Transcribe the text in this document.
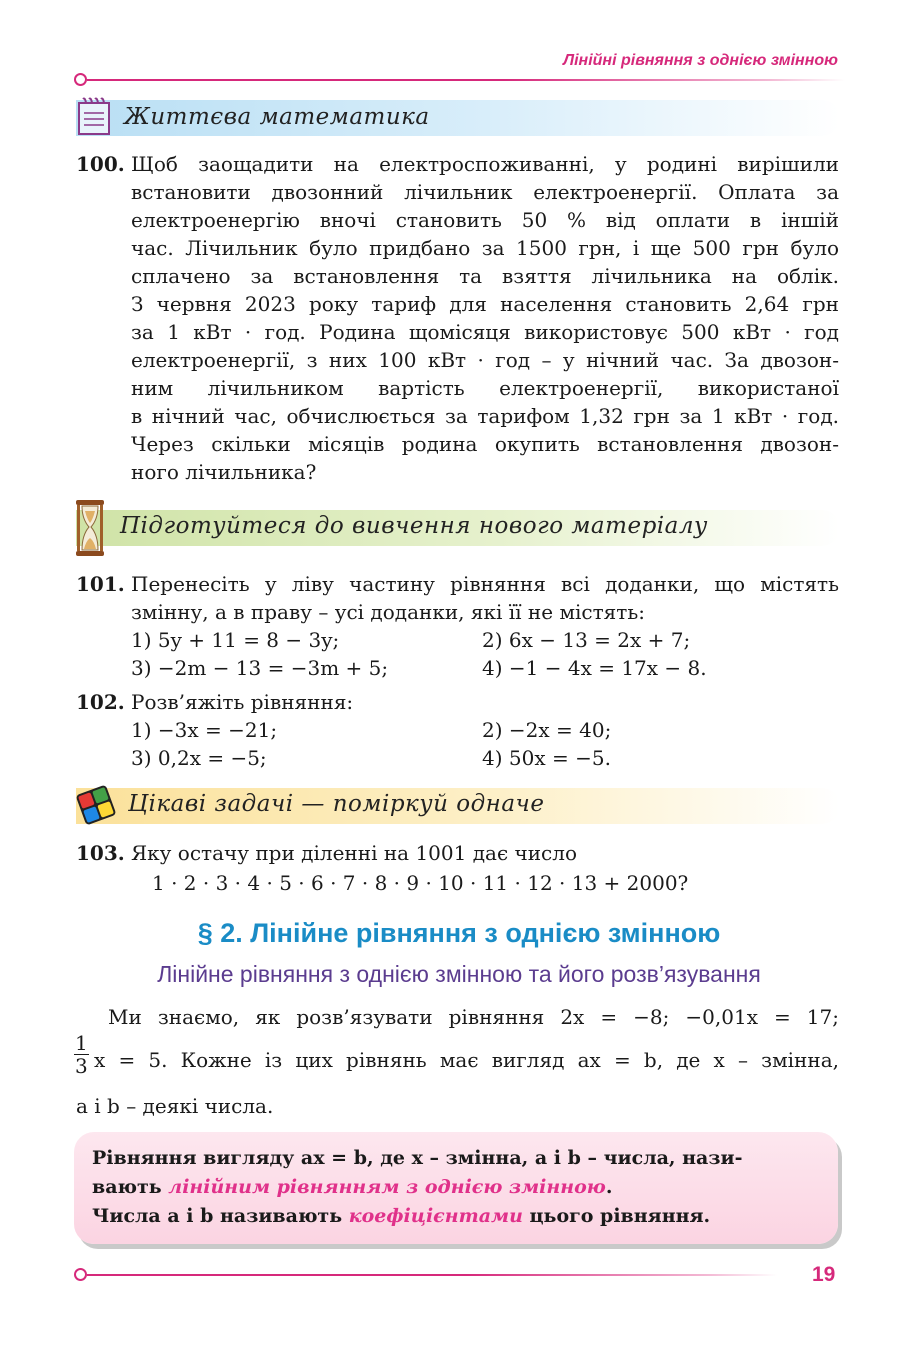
Лінійні рівняння з однією змінною
Життєва математика
100. Щоб заощадити на електроспоживанні, у родині вирішили
встановити двозонний лічильник електроенергії. Оплата за
електроенергію вночі становить 50 % від оплати в іншій
час. Лічильник було придбано за 1500 грн, і ще 500 грн було
сплачено за встановлення та взяття лічильника на облік.
З червня 2023 року тариф для населення становить 2,64 грн
за 1 кВт · год. Родина щомісяця використовує 500 кВт · год
електроенергії, з них 100 кВт · год – у нічний час. За двозон-
ним лічильником вартість електроенергії, використаної
в нічний час, обчислюється за тарифом 1,32 грн за 1 кВт · год.
Через скільки місяців родина окупить встановлення двозон-
ного лічильника?
Підготуйтеся до вивчення нового матеріалу
101. Перенесіть у ліву частину рівняння всі доданки, що містять
змінну, а в праву – усі доданки, які її не містять:
1) 5y + 11 = 8 − 3y;	2) 6x − 13 = 2x + 7;
3) −2m − 13 = −3m + 5;	4) −1 − 4x = 17x − 8.
102. Розв’яжіть рівняння:
1) −3x = −21;	2) −2x = 40;
3) 0,2x = −5;	4) 50x = −5.
Цікаві задачі — поміркуй одначе
103. Яку остачу при діленні на 1001 дає число
1 · 2 · 3 · 4 · 5 · 6 · 7 · 8 · 9 · 10 · 11 · 12 · 13 + 2000?
§ 2. Лінійне рівняння з однією змінною
Лінійне рівняння з однією змінною та його розв’язування
Ми знаємо, як розв’язувати рівняння 2x = −8; −0,01x = 17;
$\frac{1}{3}$ x = 5. Кожне із цих рівнянь має вигляд ax = b, де x – змінна,
a і b – деякі числа.
Рівняння вигляду ax = b, де x – змінна, a і b – числа, нази-
вають лінійним рівнянням з однією змінною.
Числа a і b називають коефіцієнтами цього рівняння.
19
